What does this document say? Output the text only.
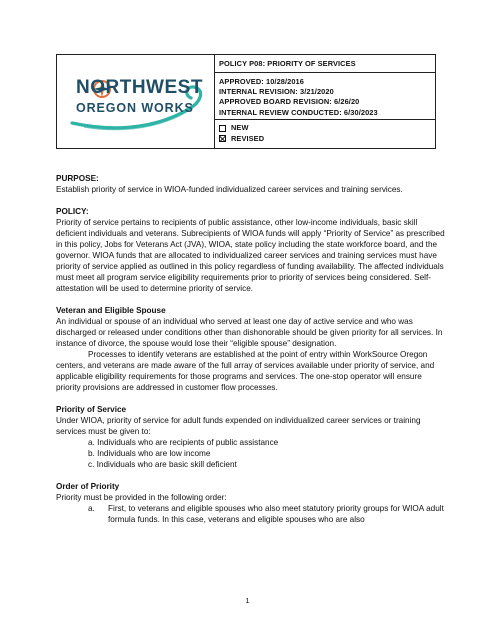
NORTHWEST
OREGON WORKS
POLICY P08: PRIORITY OF SERVICES
APPROVED: 10/28/2016
INTERNAL REVISION: 3/21/2020
APPROVED BOARD REVISION: 6/26/20
INTERNAL REVIEW CONDUCTED: 6/30/2023
NEW
REVISED

PURPOSE:

Establish priority of service in WIOA-funded individualized career services and training services.

POLICY:

Priority of service pertains to recipients of public assistance, other low-income individuals, basic skill deficient individuals and veterans. Subrecipients of WIOA funds will apply “Priority of Service” as prescribed in this policy, Jobs for Veterans Act (JVA), WIOA, state policy including the state workforce board, and the governor. WIOA funds that are allocated to individualized career services and training services must have priority of service applied as outlined in this policy regardless of funding availability. The affected individuals must meet all program service eligibility requirements prior to priority of services being considered. Self-attestation will be used to determine priority of service.

Veteran and Eligible Spouse

An individual or spouse of an individual who served at least one day of active service and who was discharged or released under conditions other than dishonorable should be given priority for all services. In instance of divorce, the spouse would lose their “eligible spouse” designation.

Processes to identify veterans are established at the point of entry within WorkSource Oregon centers, and veterans are made aware of the full array of services available under priority of service, and applicable eligibility requirements for those programs and services. The one-stop operator will ensure priority provisions are addressed in customer flow processes.

Priority of Service

Under WIOA, priority of service for adult funds expended on individualized career services or training services must be given to:

a. Individuals who are recipients of public assistance

b. Individuals who are low income

c. Individuals who are basic skill deficient

Order of Priority

Priority must be provided in the following order:

a.	First, to veterans and eligible spouses who also meet statutory priority groups for WIOA adult formula funds. In this case, veterans and eligible spouses who are also

1
